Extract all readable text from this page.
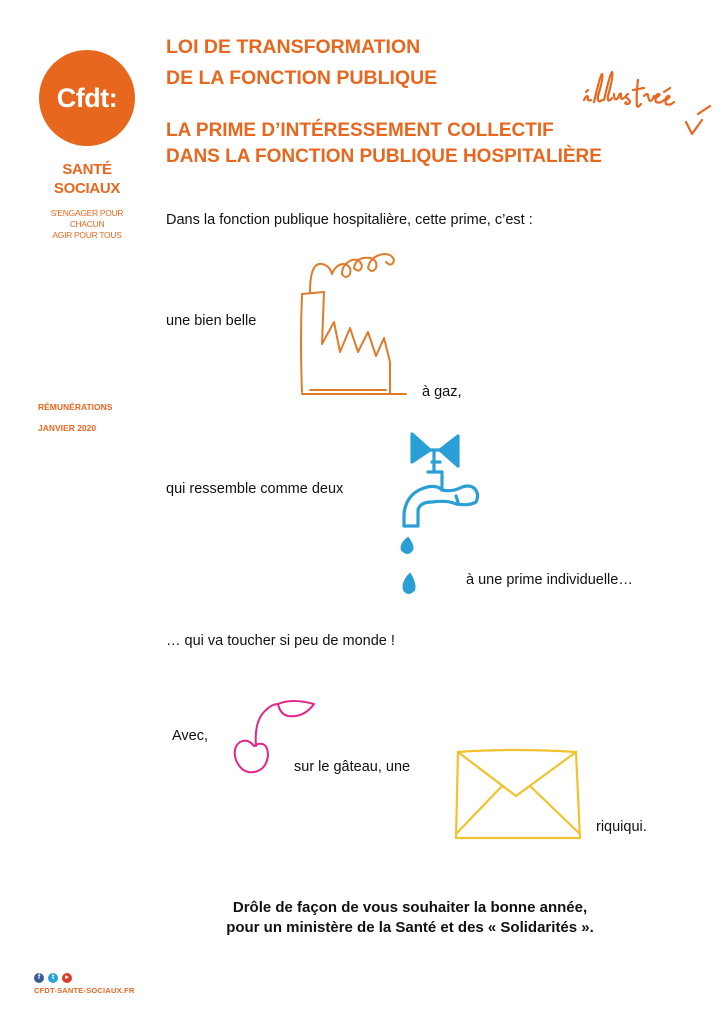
Cfdt:
SANTÉ
SOCIAUX
S'ENGAGER POUR CHACUN
AGIR POUR TOUS
LOI DE TRANSFORMATION
DE LA FONCTION PUBLIQUE
LA PRIME D’INTÉRESSEMENT COLLECTIF
DANS LA FONCTION PUBLIQUE HOSPITALIÈRE
RÉMUNÉRATIONS
JANVIER 2020
Dans la fonction publique hospitalière, cette prime, c’est :
une bien belle
à gaz,
qui ressemble comme deux
à une prime individuelle…
… qui va toucher si peu de monde !
Avec,
sur le gâteau, une
riquiqui.
Drôle de façon de vous souhaiter la bonne année,
pour un ministère de la Santé et des « Solidarités ».
f	t	▸
CFDT-SANTE-SOCIAUX.FR
